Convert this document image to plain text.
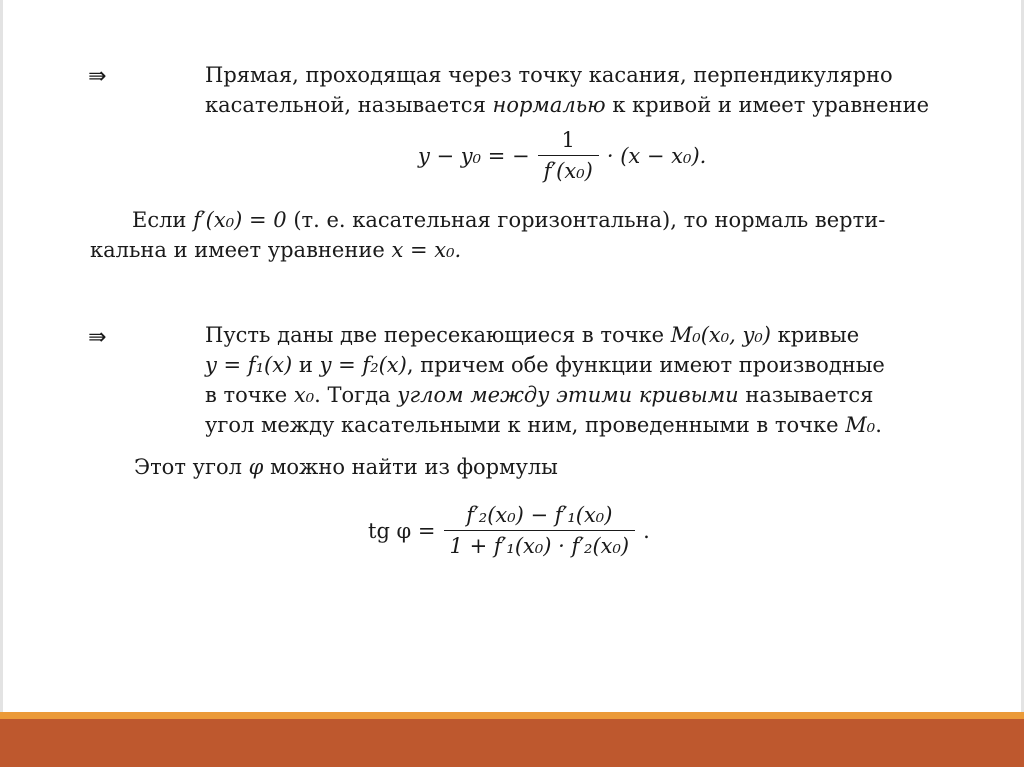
⇛	Прямая, проходящая через точку касания, перпендикулярно
касательной, называется нормалью к кривой и имеет уравнение
y − y₀ = − $\frac{1}{\text{f′(x₀)}} \cdot (x - x_0)$.
Если f′(x₀) = 0 (т. е. касательная горизонтальна), то нормаль верти-
кальна и имеет уравнение x = x₀.
⇛	Пусть даны две пересекающиеся в точке M₀(x₀, y₀) кривые
y = f₁(x) и y = f₂(x), причем обе функции имеют производные
в точке x₀. Тогда углом между этими кривыми называется
угол между касательными к ним, проведенными в точке M₀.
Этот угол φ можно найти из формулы
tg $\varphi = \frac{\text{f′₂(x₀) − f′₁(x₀)}}{\text{1 + f′₁(x₀) · f′₂(x₀)}}$ .
